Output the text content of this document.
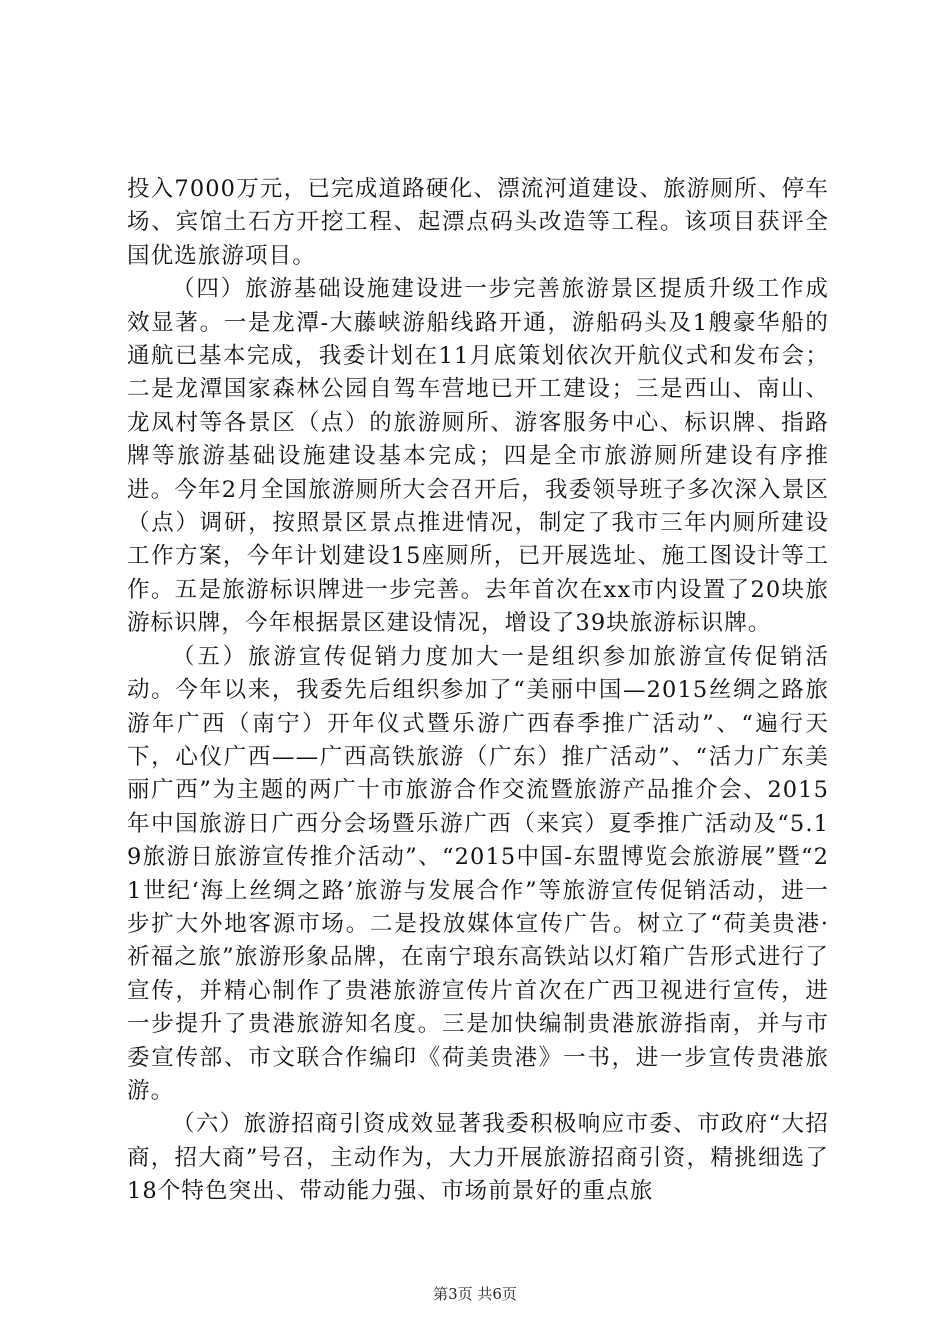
投入7000万元，已完成道路硬化、漂流河道建设、旅游厕所、停车场、宾馆土石方开挖工程、起漂点码头改造等工程。该项目获评全国优选旅游项目。

（四）旅游基础设施建设进一步完善旅游景区提质升级工作成效显著。一是龙潭-大藤峡游船线路开通，游船码头及1艘豪华船的通航已基本完成，我委计划在11月底策划依次开航仪式和发布会；二是龙潭国家森林公园自驾车营地已开工建设；三是西山、南山、龙凤村等各景区（点）的旅游厕所、游客服务中心、标识牌、指路牌等旅游基础设施建设基本完成；四是全市旅游厕所建设有序推进。今年2月全国旅游厕所大会召开后，我委领导班子多次深入景区（点）调研，按照景区景点推进情况，制定了我市三年内厕所建设工作方案，今年计划建设15座厕所，已开展选址、施工图设计等工作。五是旅游标识牌进一步完善。去年首次在xx市内设置了20块旅游标识牌，今年根据景区建设情况，增设了39块旅游标识牌。

（五）旅游宣传促销力度加大一是组织参加旅游宣传促销活动。今年以来，我委先后组织参加了“美丽中国—2015丝绸之路旅游年广西（南宁）开年仪式暨乐游广西春季推广活动”、“遍行天下，心仪广西——广西高铁旅游（广东）推广活动”、“活力广东美丽广西”为主题的两广十市旅游合作交流暨旅游产品推介会、2015年中国旅游日广西分会场暨乐游广西（来宾）夏季推广活动及“5.19旅游日旅游宣传推介活动”、“2015中国-东盟博览会旅游展”暨“21世纪‘海上丝绸之路’旅游与发展合作”等旅游宣传促销活动，进一步扩大外地客源市场。二是投放媒体宣传广告。树立了“荷美贵港·祈福之旅”旅游形象品牌，在南宁琅东高铁站以灯箱广告形式进行了宣传，并精心制作了贵港旅游宣传片首次在广西卫视进行宣传，进一步提升了贵港旅游知名度。三是加快编制贵港旅游指南，并与市委宣传部、市文联合作编印《荷美贵港》一书，进一步宣传贵港旅游。

（六）旅游招商引资成效显著我委积极响应市委、市政府“大招商，招大商”号召，主动作为，大力开展旅游招商引资，精挑细选了18个特色突出、带动能力强、市场前景好的重点旅

第3页 共6页
